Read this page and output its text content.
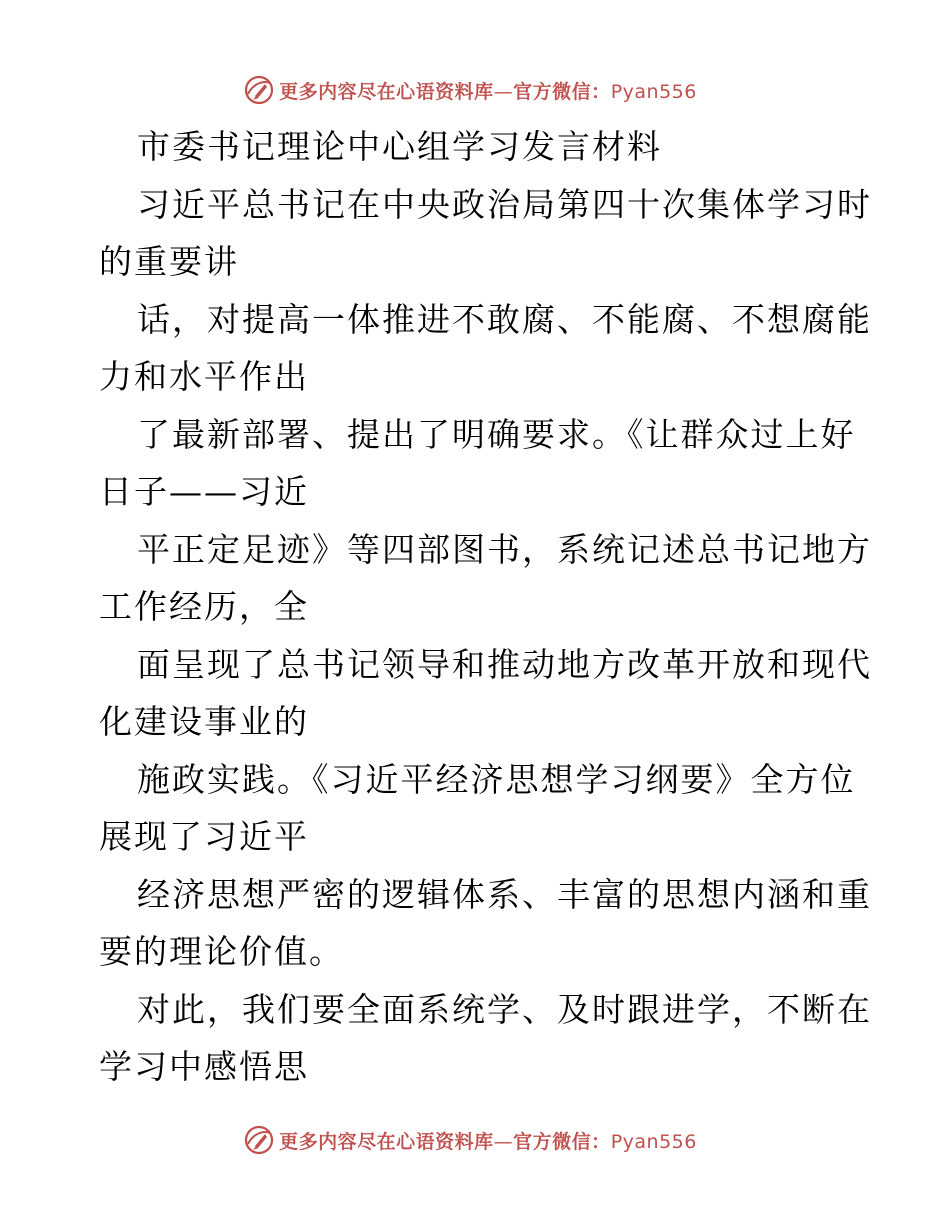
更多内容尽在心语资料库—官方微信：Pyan556
市委书记理论中心组学习发言材料
习近平总书记在中央政治局第四十次集体学习时
的重要讲
话，对提高一体推进不敢腐、不能腐、不想腐能
力和水平作出
了最新部署、提出了明确要求。《让群众过上好
日子——习近
平正定足迹》等四部图书，系统记述总书记地方
工作经历，全
面呈现了总书记领导和推动地方改革开放和现代
化建设事业的
施政实践。《习近平经济思想学习纲要》全方位
展现了习近平
经济思想严密的逻辑体系、丰富的思想内涵和重
要的理论价值。
对此，我们要全面系统学、及时跟进学，不断在
学习中感悟思
更多内容尽在心语资料库—官方微信：Pyan556
